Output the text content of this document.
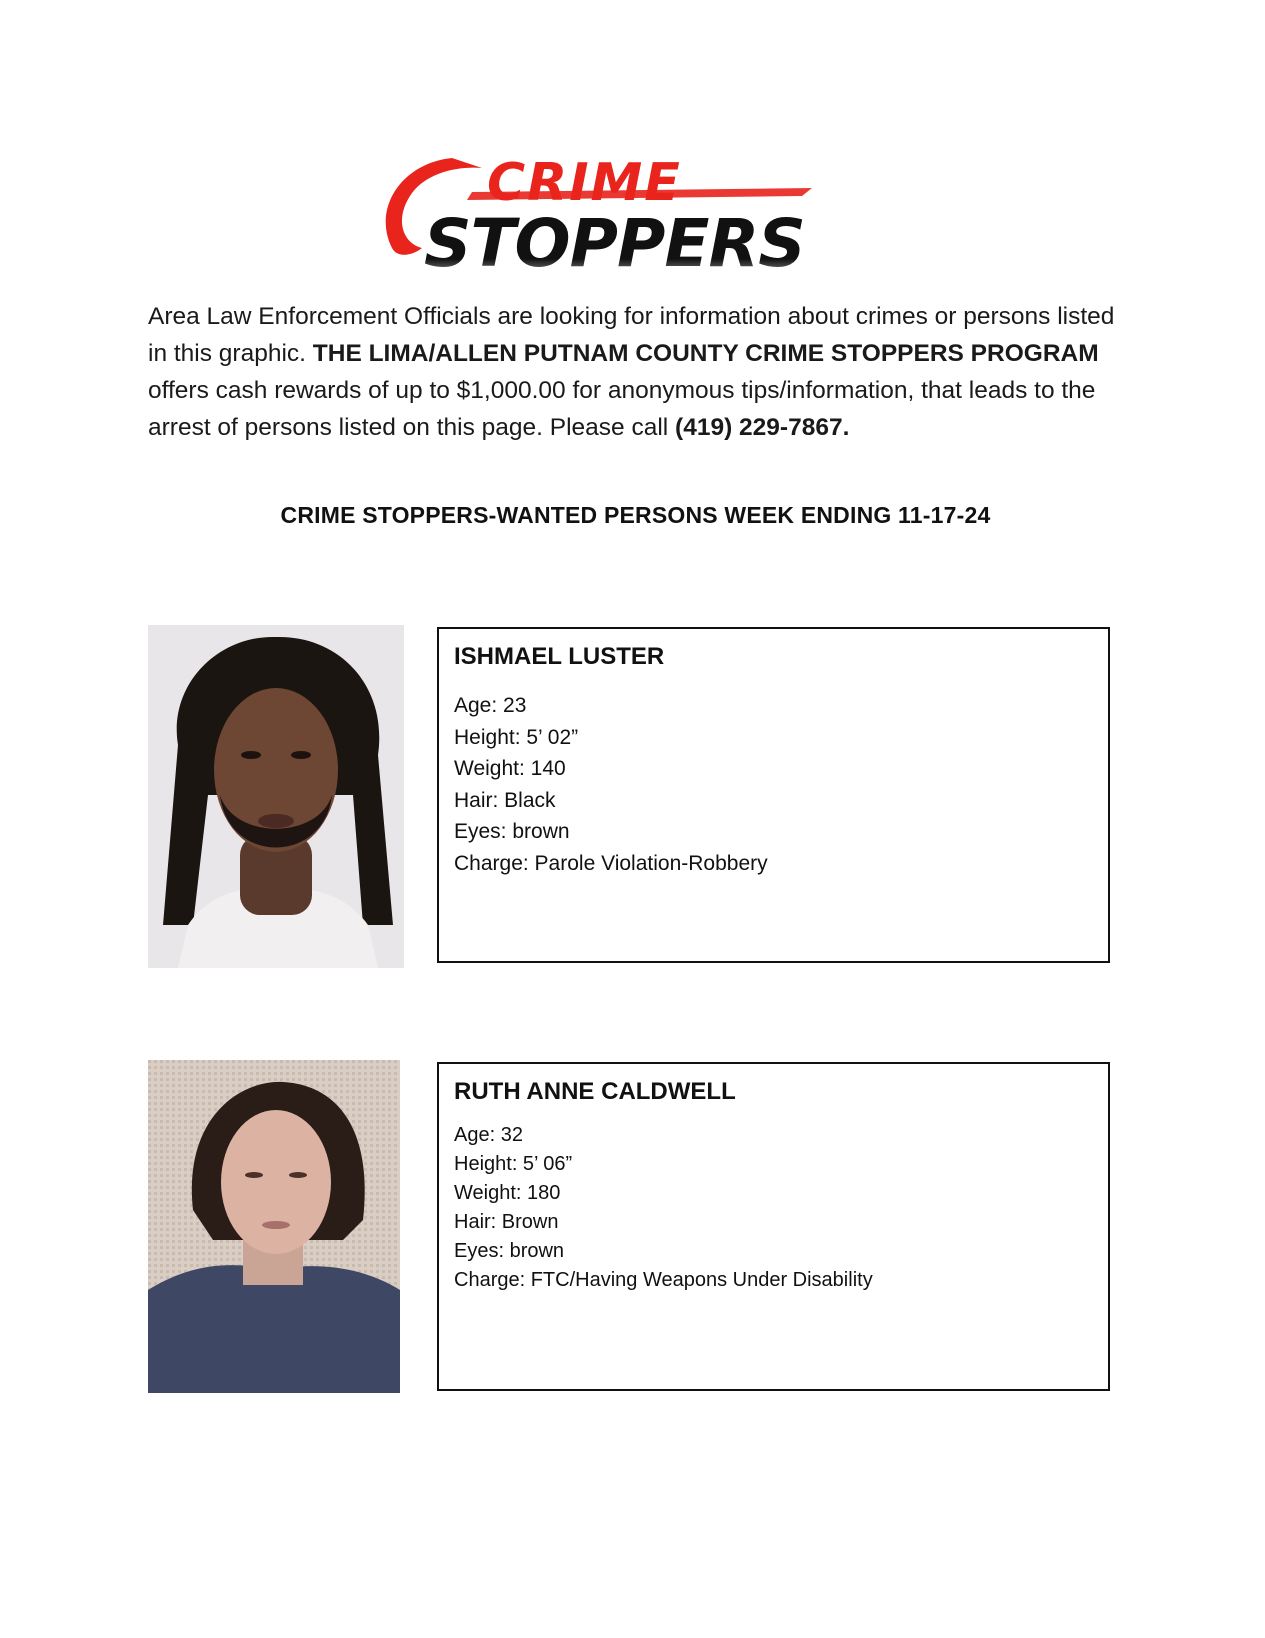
CRIME
STOPPERS
Area Law Enforcement Officials are looking for information about crimes or persons listed in this graphic. THE LIMA/ALLEN PUTNAM COUNTY CRIME STOPPERS PROGRAM offers cash rewards of up to $1,000.00 for anonymous tips/information, that leads to the arrest of persons listed on this page. Please call (419) 229-7867.
CRIME STOPPERS-WANTED PERSONS WEEK ENDING 11-17-24
ISHMAEL LUSTER
Age: 23
Height: 5’ 02”
Weight: 140
Hair: Black
Eyes: brown
Charge: Parole Violation-Robbery
RUTH ANNE CALDWELL
Age: 32
Height: 5’ 06”
Weight: 180
Hair: Brown
Eyes: brown
Charge: FTC/Having Weapons Under Disability
